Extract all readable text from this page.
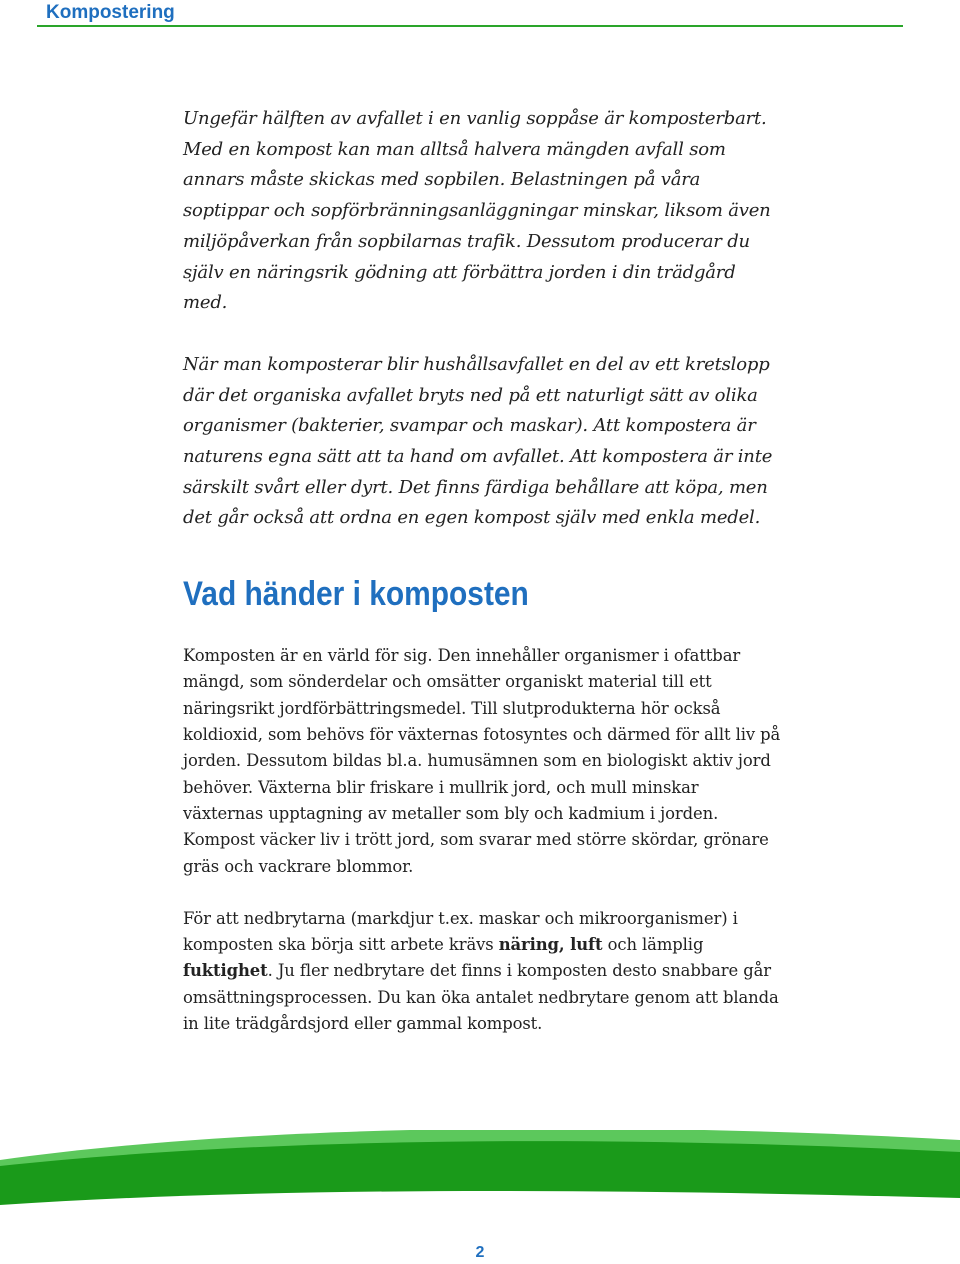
Kompostering

Ungefär hälften av avfallet i en vanlig soppåse är komposterbart. Med en kompost kan man alltså halvera mängden avfall som annars måste skickas med sopbilen. Belastningen på våra soptippar och sopförbränningsanläggningar minskar, liksom även miljöpåverkan från sopbilarnas trafik. Dessutom producerar du själv en näringsrik gödning att förbättra jorden i din trädgård med.

När man komposterar blir hushållsavfallet en del av ett kretslopp där det organiska avfallet bryts ned på ett naturligt sätt av olika organismer (bakterier, svampar och maskar). Att kompostera är naturens egna sätt att ta hand om avfallet. Att kompostera är inte särskilt svårt eller dyrt. Det finns färdiga behållare att köpa, men det går också att ordna en egen kompost själv med enkla medel.

Vad händer i komposten

Komposten är en värld för sig. Den innehåller organismer i ofattbar mängd, som sönderdelar och omsätter organiskt material till ett näringsrikt jordförbättringsmedel. Till slutprodukterna hör också koldioxid, som behövs för växternas fotosyntes och därmed för allt liv på jorden. Dessutom bildas bl.a. humusämnen som en biologiskt aktiv jord behöver. Växterna blir friskare i mullrik jord, och mull minskar växternas upptagning av metaller som bly och kadmium i jorden. Kompost väcker liv i trött jord, som svarar med större skördar, grönare gräs och vackrare blommor.

För att nedbrytarna (markdjur t.ex. maskar och mikroorganismer) i komposten ska börja sitt arbete krävs näring, luft och lämplig fuktighet. Ju fler nedbrytare det finns i komposten desto snabbare går omsättningsprocessen. Du kan öka antalet nedbrytare genom att blanda in lite trädgårdsjord eller gammal kompost.

2
